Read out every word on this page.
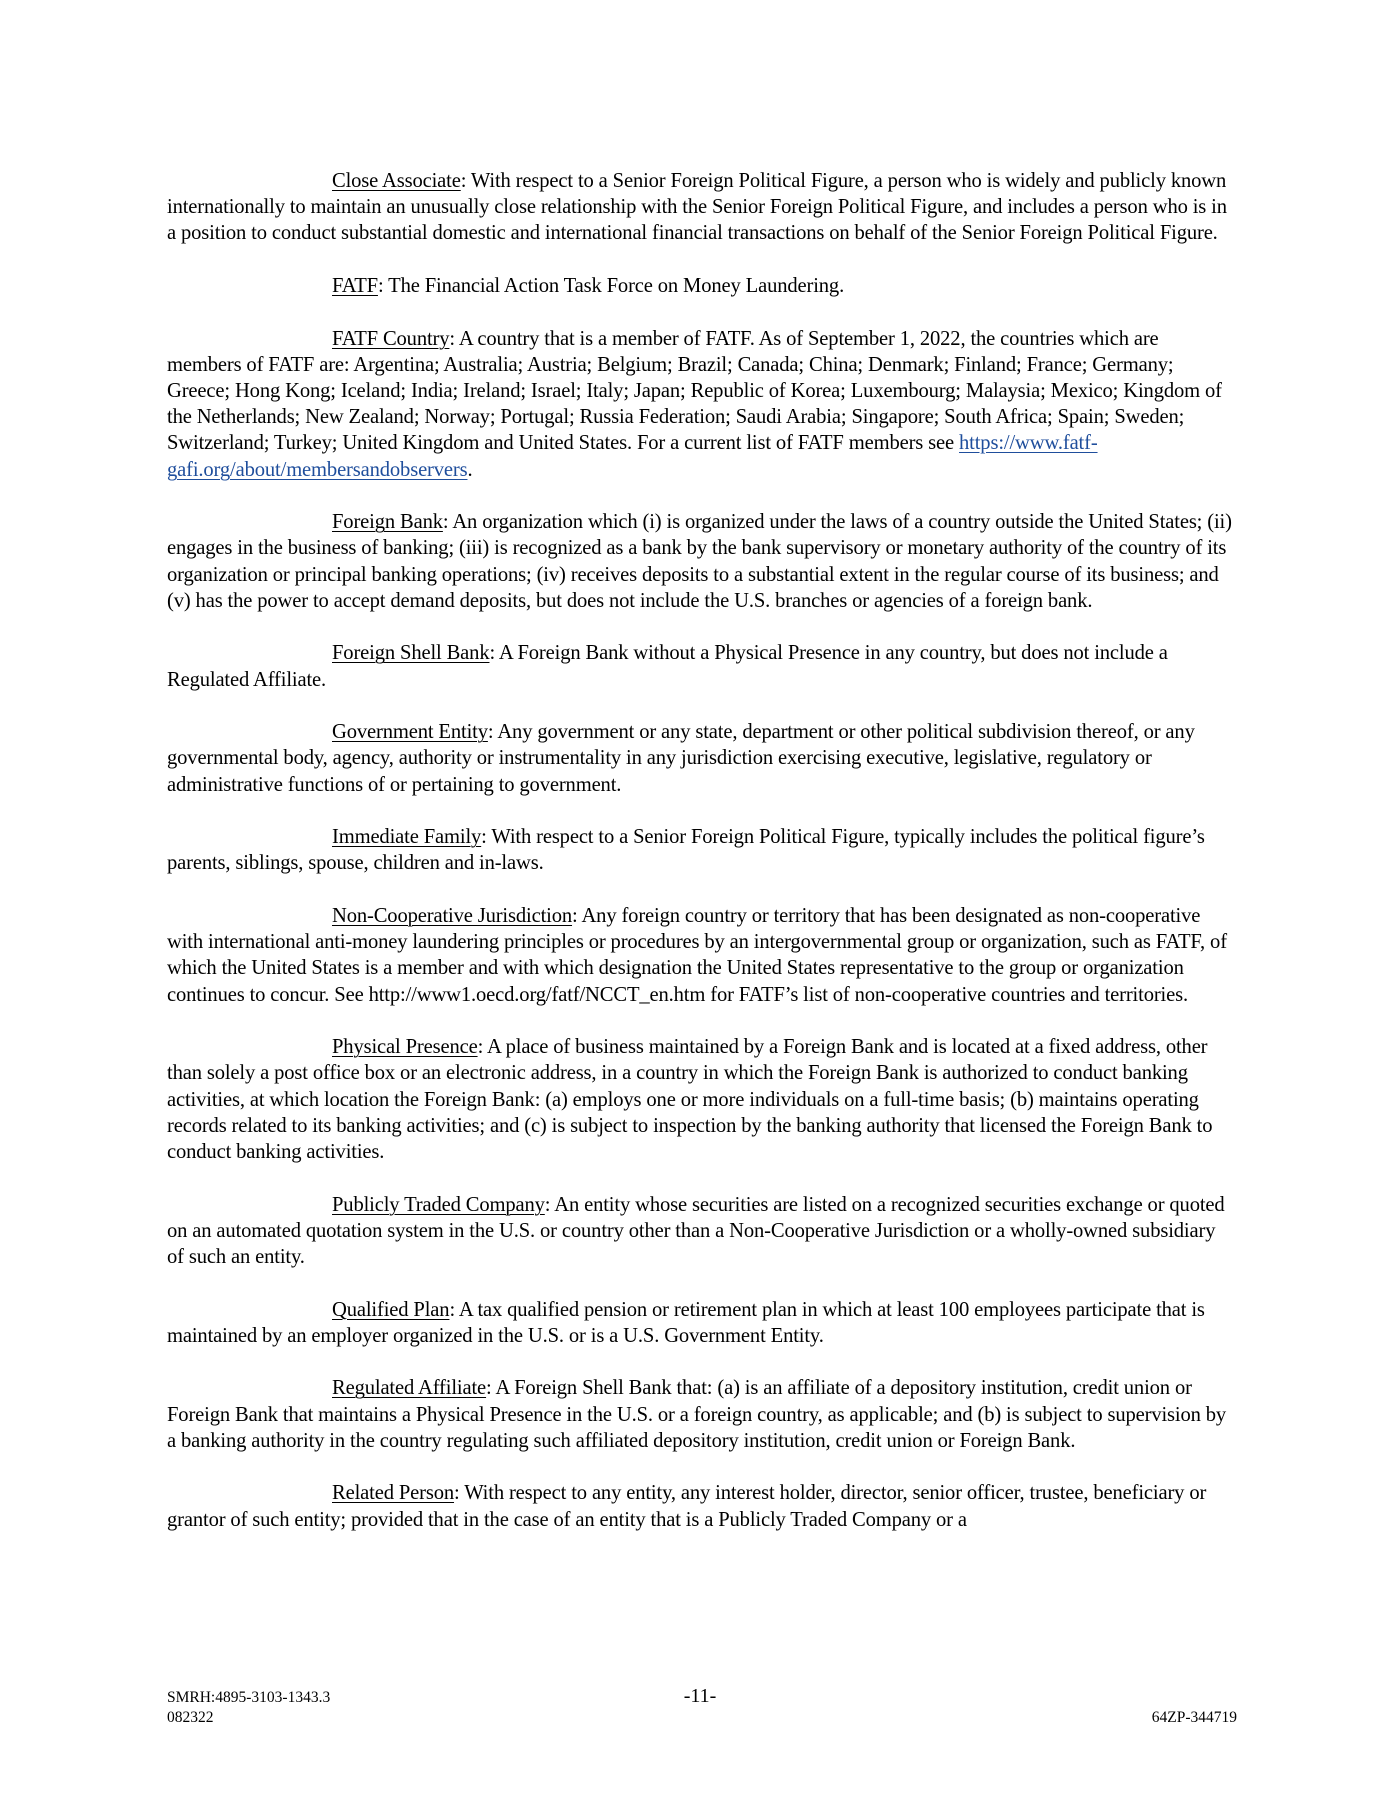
Close Associate: With respect to a Senior Foreign Political Figure, a person who is widely and publicly known internationally to maintain an unusually close relationship with the Senior Foreign Political Figure, and includes a person who is in a position to conduct substantial domestic and international financial transactions on behalf of the Senior Foreign Political Figure.

FATF: The Financial Action Task Force on Money Laundering.

FATF Country: A country that is a member of FATF. As of September 1, 2022, the countries which are members of FATF are: Argentina; Australia; Austria; Belgium; Brazil; Canada; China; Denmark; Finland; France; Germany; Greece; Hong Kong; Iceland; India; Ireland; Israel; Italy; Japan; Republic of Korea; Luxembourg; Malaysia; Mexico; Kingdom of the Netherlands; New Zealand; Norway; Portugal; Russia Federation; Saudi Arabia; Singapore; South Africa; Spain; Sweden; Switzerland; Turkey; United Kingdom and United States. For a current list of FATF members see https://www.fatf-gafi.org/about/membersandobservers.

Foreign Bank: An organization which (i) is organized under the laws of a country outside the United States; (ii) engages in the business of banking; (iii) is recognized as a bank by the bank supervisory or monetary authority of the country of its organization or principal banking operations; (iv) receives deposits to a substantial extent in the regular course of its business; and (v) has the power to accept demand deposits, but does not include the U.S. branches or agencies of a foreign bank.

Foreign Shell Bank: A Foreign Bank without a Physical Presence in any country, but does not include a Regulated Affiliate.

Government Entity: Any government or any state, department or other political subdivision thereof, or any governmental body, agency, authority or instrumentality in any jurisdiction exercising executive, legislative, regulatory or administrative functions of or pertaining to government.

Immediate Family: With respect to a Senior Foreign Political Figure, typically includes the political figure’s parents, siblings, spouse, children and in-laws.

Non-Cooperative Jurisdiction: Any foreign country or territory that has been designated as non-cooperative with international anti-money laundering principles or procedures by an intergovernmental group or organization, such as FATF, of which the United States is a member and with which designation the United States representative to the group or organization continues to concur. See http://www1.oecd.org/fatf/NCCT_en.htm for FATF’s list of non-cooperative countries and territories.

Physical Presence: A place of business maintained by a Foreign Bank and is located at a fixed address, other than solely a post office box or an electronic address, in a country in which the Foreign Bank is authorized to conduct banking activities, at which location the Foreign Bank: (a) employs one or more individuals on a full-time basis; (b) maintains operating records related to its banking activities; and (c) is subject to inspection by the banking authority that licensed the Foreign Bank to conduct banking activities.

Publicly Traded Company: An entity whose securities are listed on a recognized securities exchange or quoted on an automated quotation system in the U.S. or country other than a Non-Cooperative Jurisdiction or a wholly-owned subsidiary of such an entity.

Qualified Plan: A tax qualified pension or retirement plan in which at least 100 employees participate that is maintained by an employer organized in the U.S. or is a U.S. Government Entity.

Regulated Affiliate: A Foreign Shell Bank that: (a) is an affiliate of a depository institution, credit union or Foreign Bank that maintains a Physical Presence in the U.S. or a foreign country, as applicable; and (b) is subject to supervision by a banking authority in the country regulating such affiliated depository institution, credit union or Foreign Bank.

Related Person: With respect to any entity, any interest holder, director, senior officer, trustee, beneficiary or grantor of such entity; provided that in the case of an entity that is a Publicly Traded Company or a

SMRH:4895-3103-1343.3
082322
-11-
64ZP-344719
